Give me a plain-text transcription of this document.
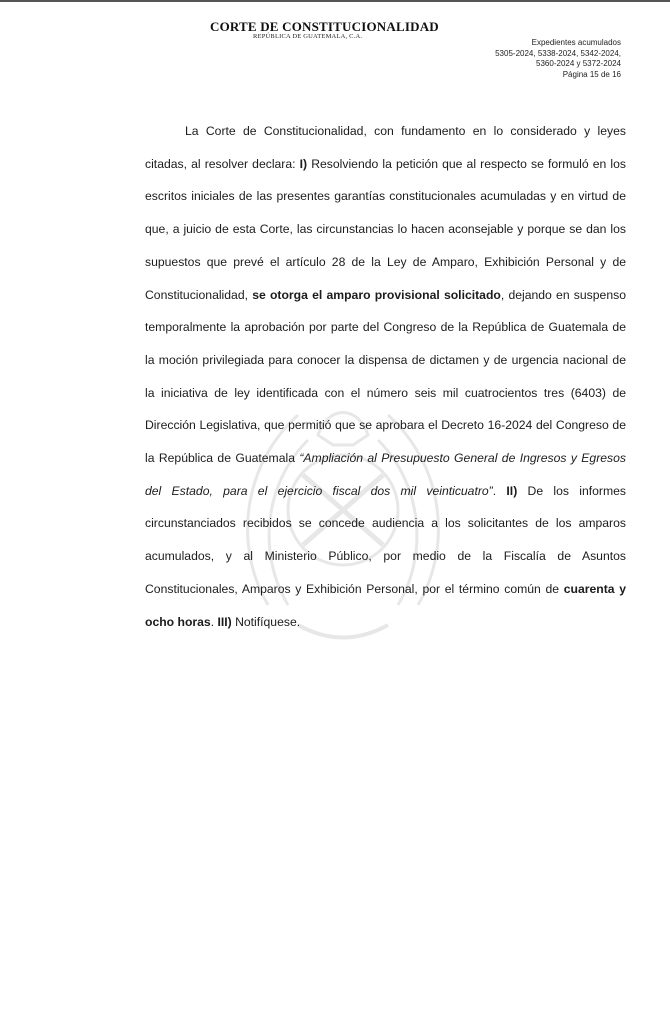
CORTE DE CONSTITUCIONALIDAD
REPÚBLICA DE GUATEMALA, C.A.
Expedientes acumulados
5305-2024, 5338-2024, 5342-2024,
5360-2024 y 5372-2024
Página 15 de 16

La Corte de Constitucionalidad, con fundamento en lo considerado y leyes citadas, al resolver declara: I) Resolviendo la petición que al respecto se formuló en los escritos iniciales de las presentes garantías constitucionales acumuladas y en virtud de que, a juicio de esta Corte, las circunstancias lo hacen aconsejable y porque se dan los supuestos que prevé el artículo 28 de la Ley de Amparo, Exhibición Personal y de Constitucionalidad, se otorga el amparo provisional solicitado, dejando en suspenso temporalmente la aprobación por parte del Congreso de la República de Guatemala de la moción privilegiada para conocer la dispensa de dictamen y de urgencia nacional de la iniciativa de ley identificada con el número seis mil cuatrocientos tres (6403) de Dirección Legislativa, que permitió que se aprobara el Decreto 16-2024 del Congreso de la República de Guatemala “Ampliación al Presupuesto General de Ingresos y Egresos del Estado, para el ejercicio fiscal dos mil veinticuatro”. II) De los informes circunstanciados recibidos se concede audiencia a los solicitantes de los amparos acumulados, y al Ministerio Público, por medio de la Fiscalía de Asuntos Constitucionales, Amparos y Exhibición Personal, por el término común de cuarenta y ocho horas. III) Notifíquese.
